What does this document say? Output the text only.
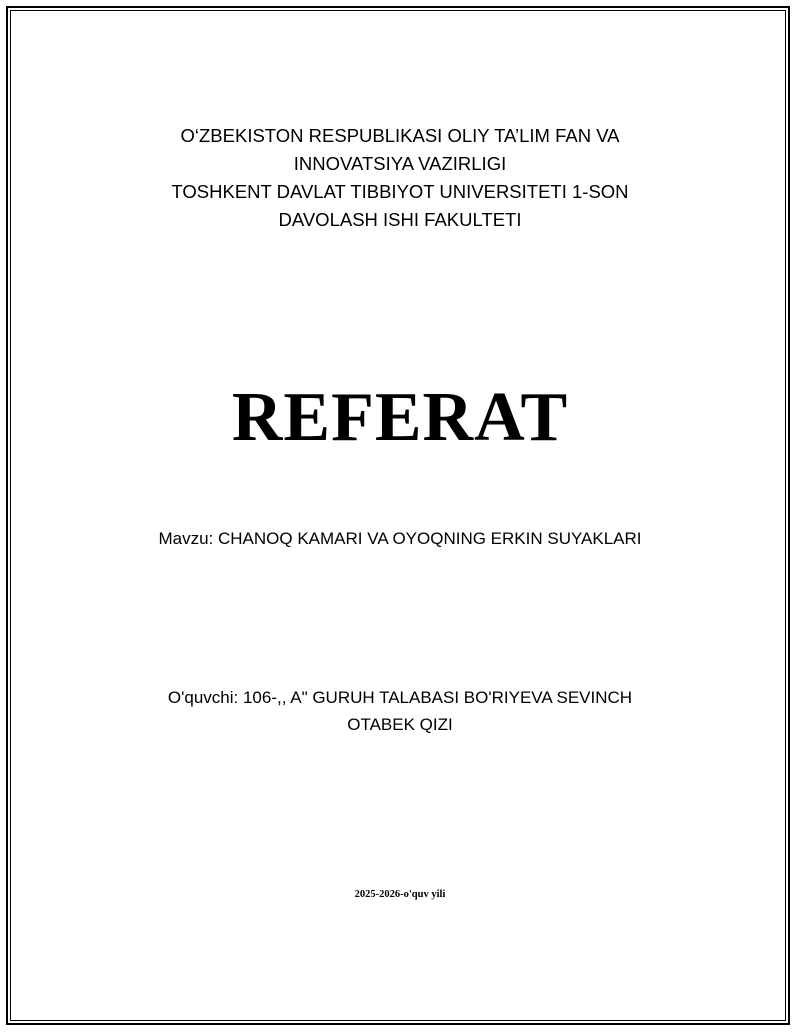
O‘ZBEKISTON RESPUBLIKASI OLIY TA’LIM FAN VA
INNOVATSIYA VAZIRLIGI
TOSHKENT DAVLAT TIBBIYOT UNIVERSITETI 1-SON
DAVOLASH ISHI FAKULTETI
REFERAT
Mavzu: CHANOQ KAMARI VA OYOQNING ERKIN SUYAKLARI
O'quvchi: 106-,, A" GURUH TALABASI BO'RIYEVA SEVINCH
OTABEK QIZI
2025-2026-o'quv yili
